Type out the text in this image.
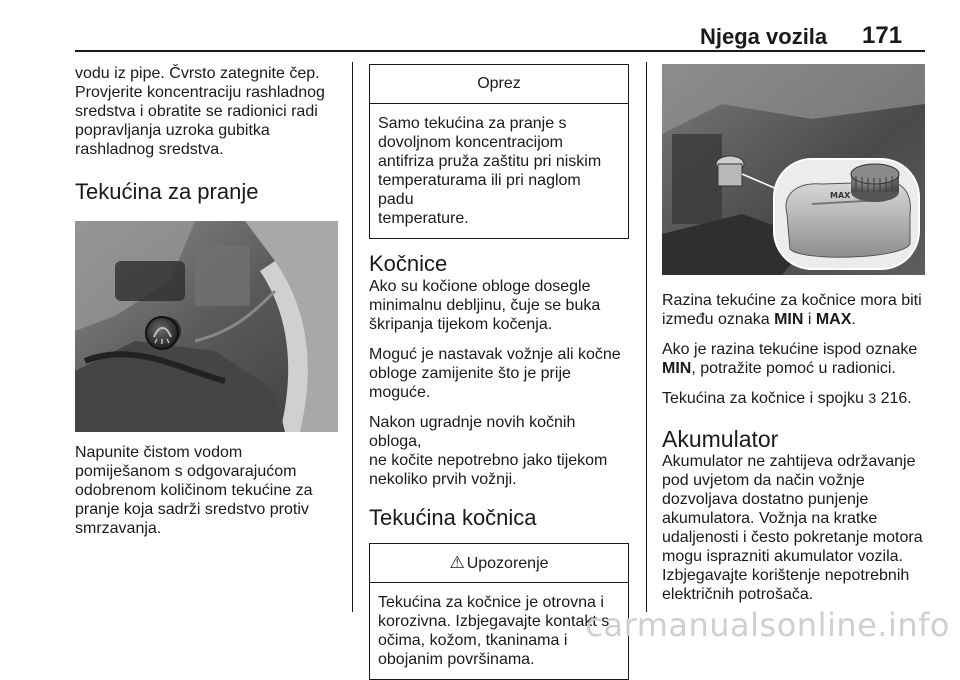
Njega vozila 171

vodu iz pipe. Čvrsto zategnite čep.
Provjerite koncentraciju rashladnog
sredstva i obratite se radionici radi
popravljanja uzroka gubitka
rashladnog sredstva.

Tekućina za pranje

Napunite čistom vodom
pomiješanom s odgovarajućom
odobrenom količinom tekućine za
pranje koja sadrži sredstvo protiv
smrzavanja.

Oprez
Samo tekućina za pranje s
dovoljnom koncentracijom
antifriza pruža zaštitu pri niskim
temperaturama ili pri naglom padu
temperature.
Kočnice

Ako su kočione obloge dosegle
minimalnu debljinu, čuje se buka
škripanja tijekom kočenja.

Moguć je nastavak vožnje ali kočne
obloge zamijenite što je prije moguće.

Nakon ugradnje novih kočnih obloga,
ne kočite nepotrebno jako tijekom
nekoliko prvih vožnji.

Tekućina kočnica
⚠ Upozorenje
Tekućina za kočnice je otrovna i
korozivna. Izbjegavajte kontakt s
očima, kožom, tkaninama i
obojanim površinama.
MAX

Razina tekućine za kočnice mora biti
između oznaka MIN i MAX.

Ako je razina tekućine ispod oznake
MIN, potražite pomoć u radionici.

Tekućina za kočnice i spojku 3 216.

Akumulator

Akumulator ne zahtijeva održavanje
pod uvjetom da način vožnje
dozvoljava dostatno punjenje
akumulatora. Vožnja na kratke
udaljenosti i često pokretanje motora
mogu isprazniti akumulator vozila.
Izbjegavajte korištenje nepotrebnih
električnih potrošača.

carmanualsonline.info
